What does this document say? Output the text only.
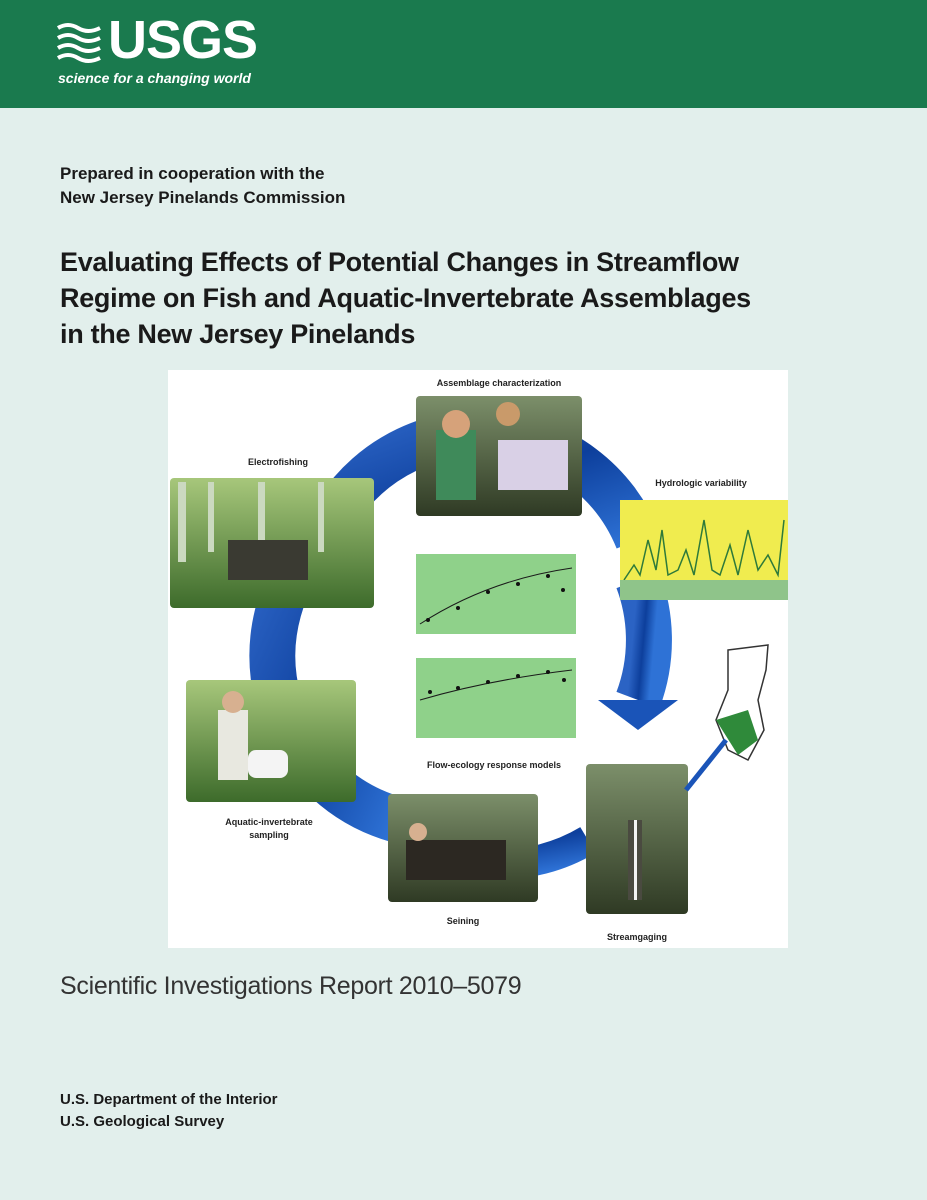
USGS
science for a changing world
Prepared in cooperation with the
New Jersey Pinelands Commission
Evaluating Effects of Potential Changes in Streamflow
Regime on Fish and Aquatic-Invertebrate Assemblages
in the New Jersey Pinelands
Assemblage characterization
Electrofishing
Hydrologic variability
Flow-ecology response models
Aquatic-invertebrate sampling
Seining
Streamgaging
Scientific Investigations Report 2010–5079
U.S. Department of the Interior
U.S. Geological Survey
